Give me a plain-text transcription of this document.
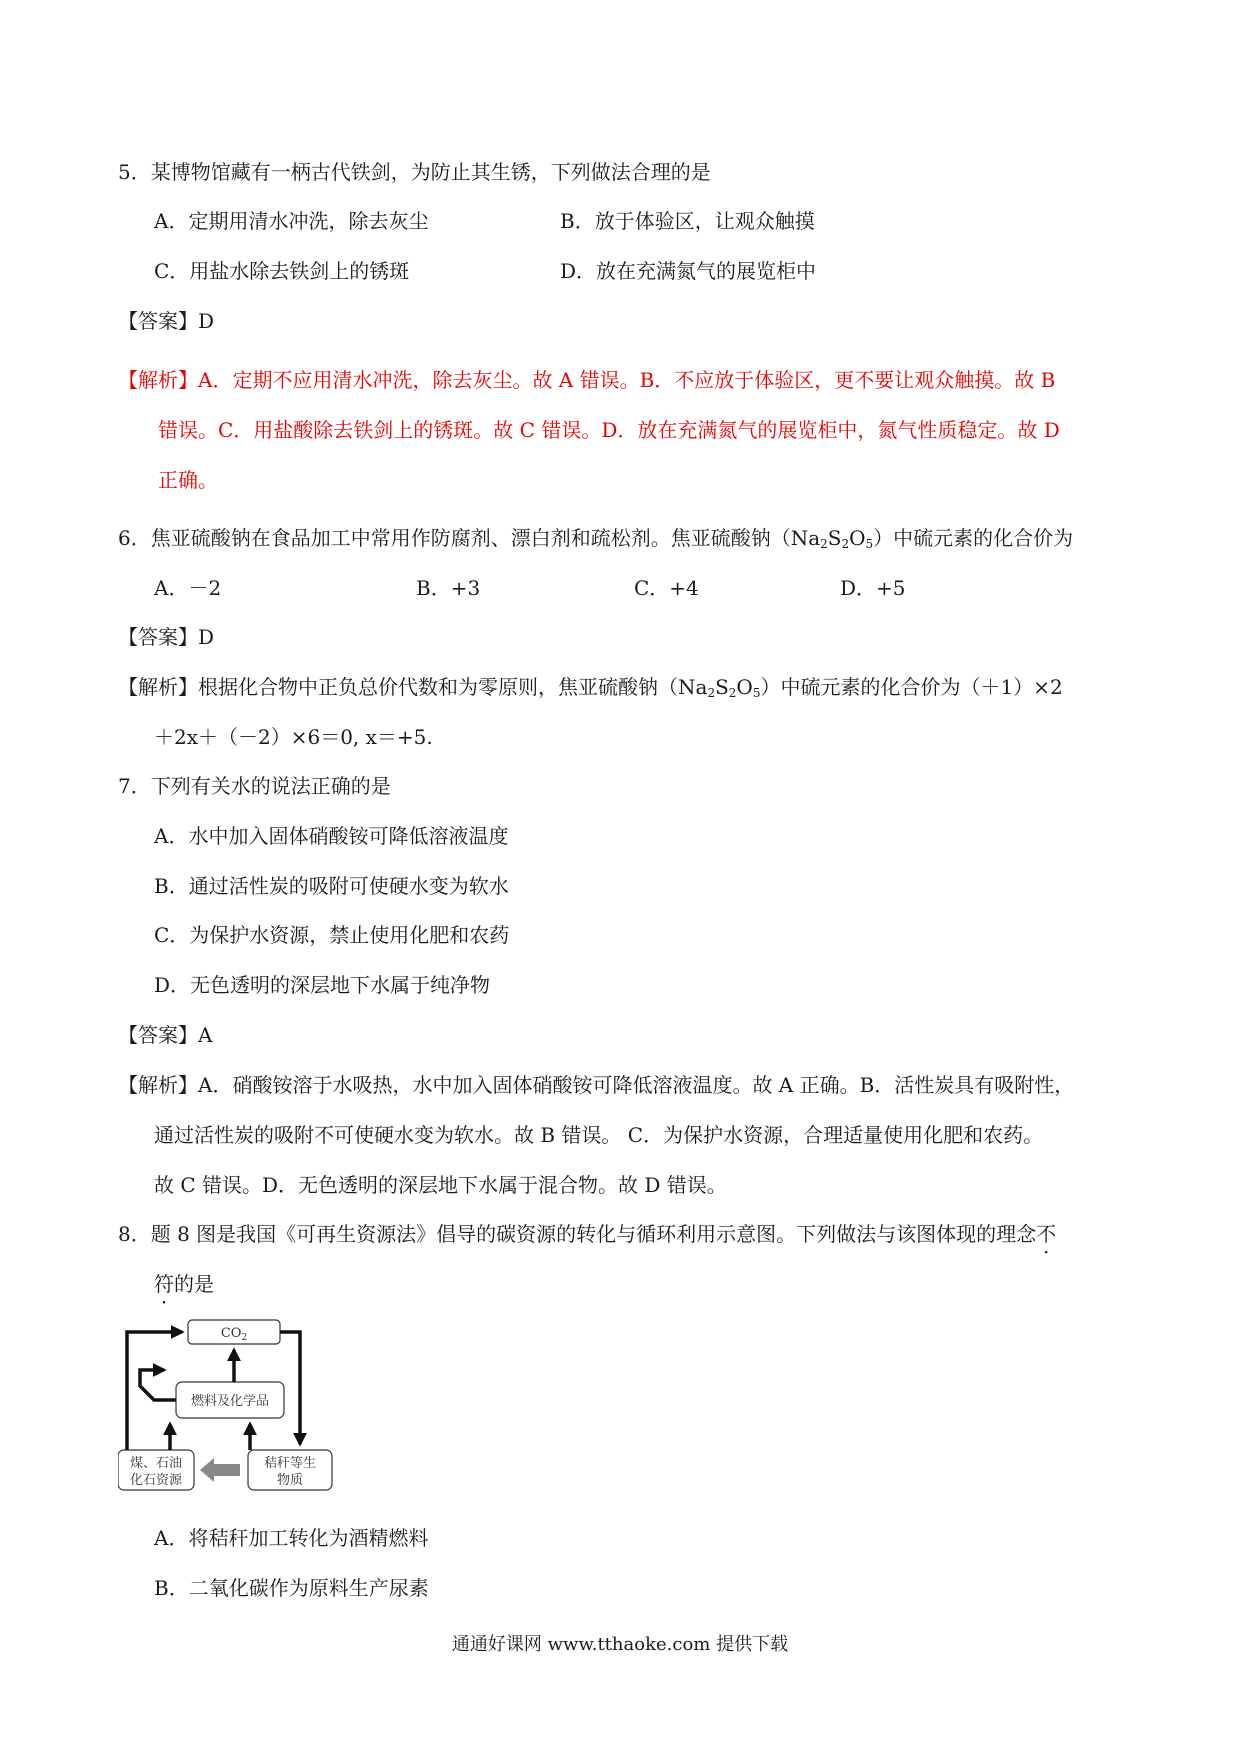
5．某博物馆藏有一柄古代铁剑，为防止其生锈，下列做法合理的是
A．定期用清水冲洗，除去灰尘	B．放于体验区，让观众触摸
C．用盐水除去铁剑上的锈斑	D．放在充满氮气的展览柜中
【答案】D
【解析】A．定期不应用清水冲洗，除去灰尘。故 A 错误。B．不应放于体验区，更不要让观众触摸。故 B
错误。C．用盐酸除去铁剑上的锈斑。故 C 错误。D．放在充满氮气的展览柜中，氮气性质稳定。故 D
正确。
6．焦亚硫酸钠在食品加工中常用作防腐剂、漂白剂和疏松剂。焦亚硫酸钠$(Na_2S_2O_5)$中硫元素的化合价为
A．－2	B．+3	C．+4	D．+5
【答案】D
【解析】根据化合物中正负总价代数和为零原则，焦亚硫酸钠$(Na_2S_2O_5)$中硫元素的化合价为（＋1）×2
＋2x＋（－2）×6＝0, x＝+5.
7．下列有关水的说法正确的是
A．水中加入固体硝酸铵可降低溶液温度
B．通过活性炭的吸附可使硬水变为软水
C．为保护水资源，禁止使用化肥和农药
D．无色透明的深层地下水属于纯净物
【答案】A
【解析】A．硝酸铵溶于水吸热，水中加入固体硝酸铵可降低溶液温度。故 A 正确。B．活性炭具有吸附性，
通过活性炭的吸附不可使硬水变为软水。故 B 错误。 C．为保护水资源，合理适量使用化肥和农药。
故 C 错误。D．无色透明的深层地下水属于混合物。故 D 错误。
8．题 8 图是我国《可再生资源法》倡导的碳资源的转化与循环利用示意图。下列做法与该图体现的理念不
符的是
$CO_2$
燃料及化学品
煤、石油
化石资源
秸秆等生
物质
A．将秸秆加工转化为酒精燃料
B．二氧化碳作为原料生产尿素
通通好课网 www.tthaoke.com 提供下载
